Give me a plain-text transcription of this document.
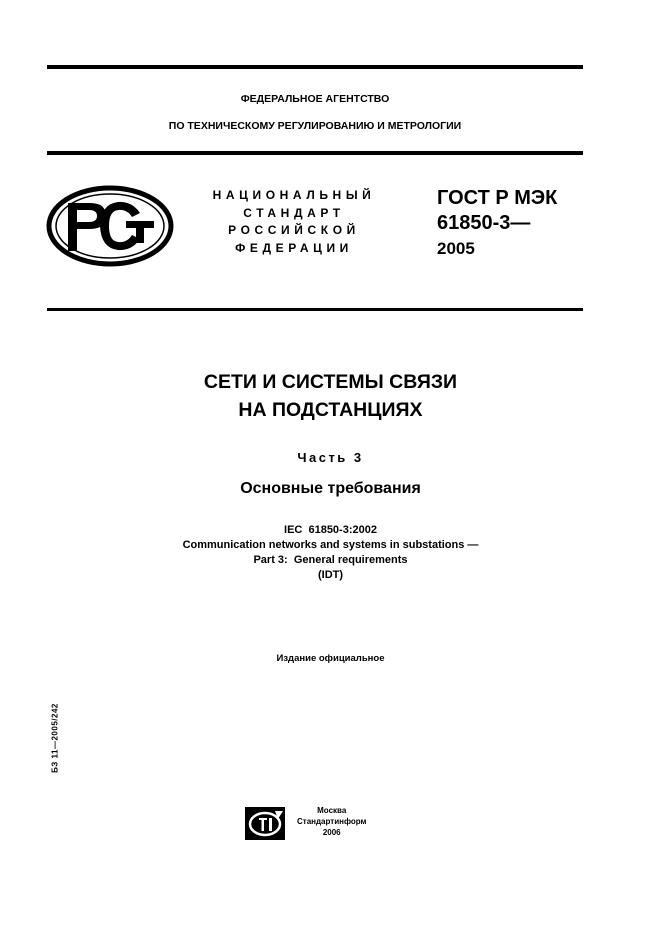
ФЕДЕРАЛЬНОЕ АГЕНТСТВО
ПО ТЕХНИЧЕСКОМУ РЕГУЛИРОВАНИЮ И МЕТРОЛОГИИ
НАЦИОНАЛЬНЫЙ
СТАНДАРТ
РОССИЙСКОЙ
ФЕДЕРАЦИИ
ГОСТ Р МЭК
61850-3—
2005
СЕТИ И СИСТЕМЫ СВЯЗИ
НА ПОДСТАНЦИЯХ
Часть 3
Основные требования
IEC  61850-3:2002
Communication networks and systems in substations —
Part 3:  General requirements
(IDT)
Издание официальное
БЗ 11—2005/242
Москва
Стандартинформ
2006
